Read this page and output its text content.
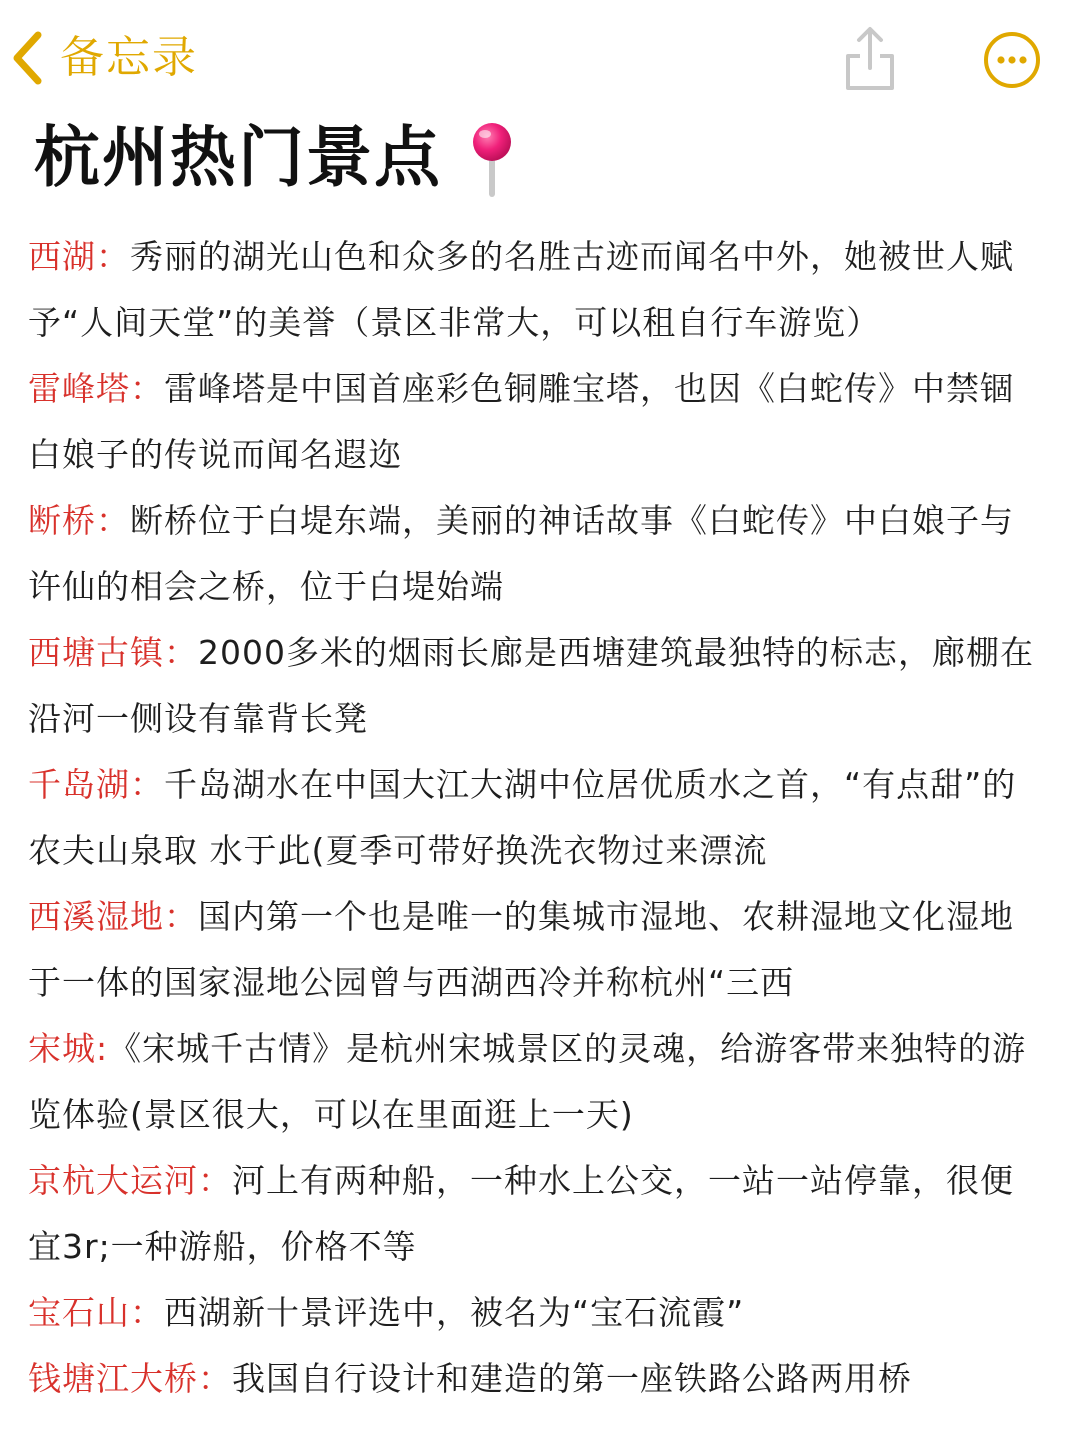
备忘录
杭州热门景点
西湖：秀丽的湖光山色和众多的名胜古迹而闻名中外，她被世人赋予“人间天堂”的美誉（景区非常大，可以租自行车游览）
雷峰塔：雷峰塔是中国首座彩色铜雕宝塔，也因《白蛇传》中禁锢白娘子的传说而闻名遐迩
断桥：断桥位于白堤东端，美丽的神话故事《白蛇传》中白娘子与许仙的相会之桥，位于白堤始端
西塘古镇：2000多米的烟雨长廊是西塘建筑最独特的标志，廊棚在沿河一侧设有靠背长凳
千岛湖：千岛湖水在中国大江大湖中位居优质水之首，“有点甜”的农夫山泉取 水于此(夏季可带好换洗衣物过来漂流
西溪湿地：国内第一个也是唯一的集城市湿地、农耕湿地文化湿地于一体的国家湿地公园曾与西湖西冷并称杭州“三西
宋城:《宋城千古情》是杭州宋城景区的灵魂，给游客带来独特的游览体验(景区很大，可以在里面逛上一天)
京杭大运河：河上有两种船，一种水上公交，一站一站停靠，很便宜3r;一种游船，价格不等
宝石山：西湖新十景评选中，被名为“宝石流霞”
钱塘江大桥：我国自行设计和建造的第一座铁路公路两用桥
